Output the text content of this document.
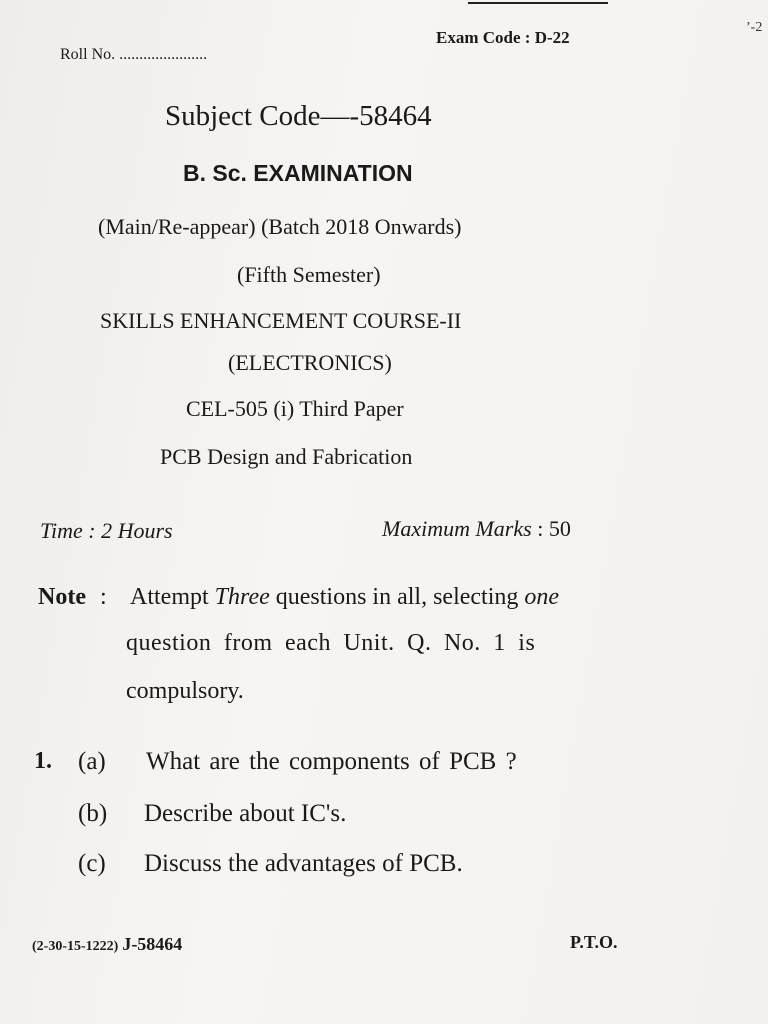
’-2
Roll No. ......................
Exam Code : D-22
Subject Code—-58464
B. Sc. EXAMINATION
(Main/Re-appear) (Batch 2018 Onwards)
(Fifth Semester)
SKILLS ENHANCEMENT COURSE-II
(ELECTRONICS)
CEL-505 (i) Third Paper
PCB Design and Fabrication
Time : 2 Hours	Maximum Marks : 50
Note : Attempt Three questions in all, selecting one
question from each Unit. Q. No. 1 is
compulsory.
1. (a) What are the components of PCB ?
(b) Describe about IC's.
(c) Discuss the advantages of PCB.
(2-30-15-1222) J-58464	P.T.O.
